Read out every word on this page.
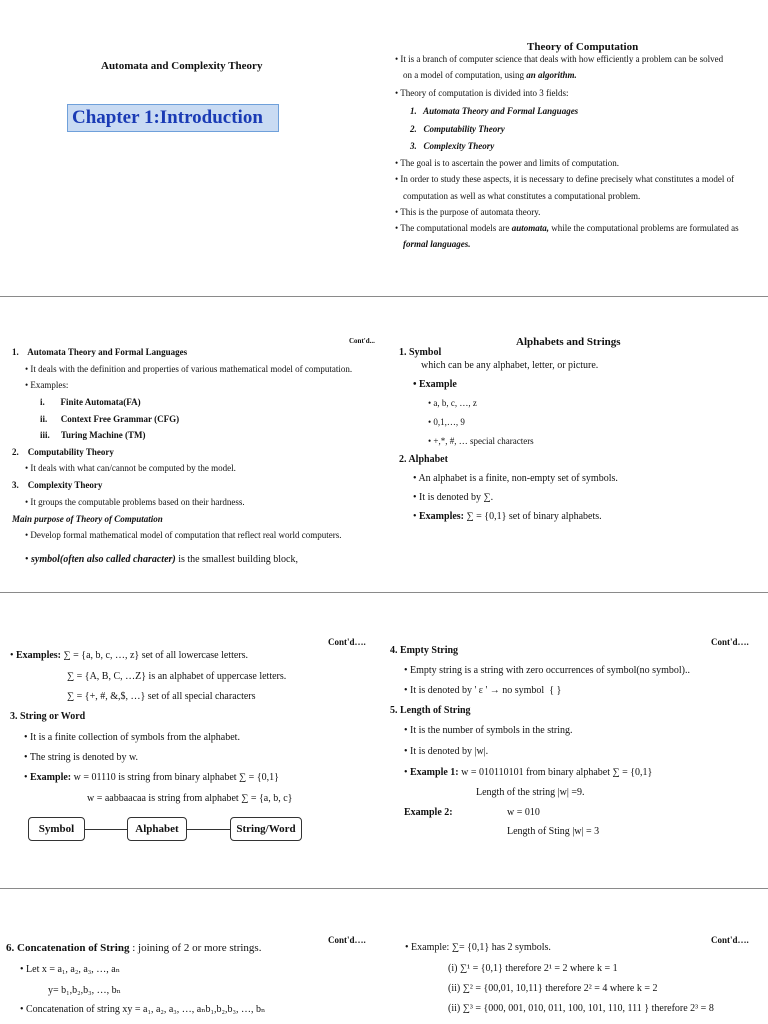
Automata and Complexity Theory
Chapter 1:Introduction
Theory of Computation
• It is a branch of computer science that deals with how efficiently a problem can be solved
on a model of computation, using an algorithm.
• Theory of computation is divided into 3 fields:
1.   Automata Theory and Formal Languages
2.   Computability Theory
3.   Complexity Theory
• The goal is to ascertain the power and limits of computation.
• In order to study these aspects, it is necessary to define precisely what constitutes a model of
computation as well as what constitutes a computational problem.
• This is the purpose of automata theory.
• The computational models are automata, while the computational problems are formulated as
formal languages.
Cont'd...
1.    Automata Theory and Formal Languages
• It deals with the definition and properties of various mathematical model of computation.
• Examples:
i.       Finite Automata(FA)
ii.      Context Free Grammar (CFG)
iii.     Turing Machine (TM)
2.    Computability Theory
• It deals with what can/cannot be computed by the model.
3.    Complexity Theory
• It groups the computable problems based on their hardness.
Main purpose of Theory of Computation
• Develop formal mathematical model of computation that reflect real world computers.
• symbol(often also called character) is the smallest building block,
Alphabets and Strings
1. Symbol
which can be any alphabet, letter, or picture.
• Example
• a, b, c, …, z
• 0,1,…, 9
• +,*, #, … special characters
2. Alphabet
• An alphabet is a finite, non-empty set of symbols.
• It is denoted by ∑.
• Examples: ∑ = {0,1} set of binary alphabets.
Cont'd….	Cont'd….
• Examples: ∑ = {a, b, c, …, z} set of all lowercase letters.
∑ = {A, B, C, …Z} is an alphabet of uppercase letters.
∑ = {+, #, &,$, …} set of all special characters
3. String or Word
• It is a finite collection of symbols from the alphabet.
• The string is denoted by w.
• Example: w = 01110 is string from binary alphabet ∑ = {0,1}
w = aabbaacaa is string from alphabet ∑ = {a, b, c}
Symbol	Alphabet	String/Word
4. Empty String
• Empty string is a string with zero occurrences of symbol(no symbol)..
• It is denoted by ' ε ' → no symbol  { }
5. Length of String
• It is the number of symbols in the string.
• It is denoted by |w|.
• Example 1: w = 010110101 from binary alphabet ∑ = {0,1}
Length of the string |w| =9.
Example 2:	w = 010
Length of Sting |w| = 3
Cont'd….	Cont'd….
6. Concatenation of String : joining of 2 or more strings.
• Let x = a₁, a₂, a₃, …, aₙ
y= b₁,b₂,b₃, …, bₙ
• Concatenation of string xy = a₁, a₂, a₃, …, aₙb₁,b₂,b₃, …, bₙ
• Example: ∑= {0,1} has 2 symbols.
(i) ∑¹ = {0,1} therefore 2¹ = 2 where k = 1
(ii) ∑² = {00,01, 10,11} therefore 2² = 4 where k = 2
(ii) ∑³ = {000, 001, 010, 011, 100, 101, 110, 111 } therefore 2³ = 8
